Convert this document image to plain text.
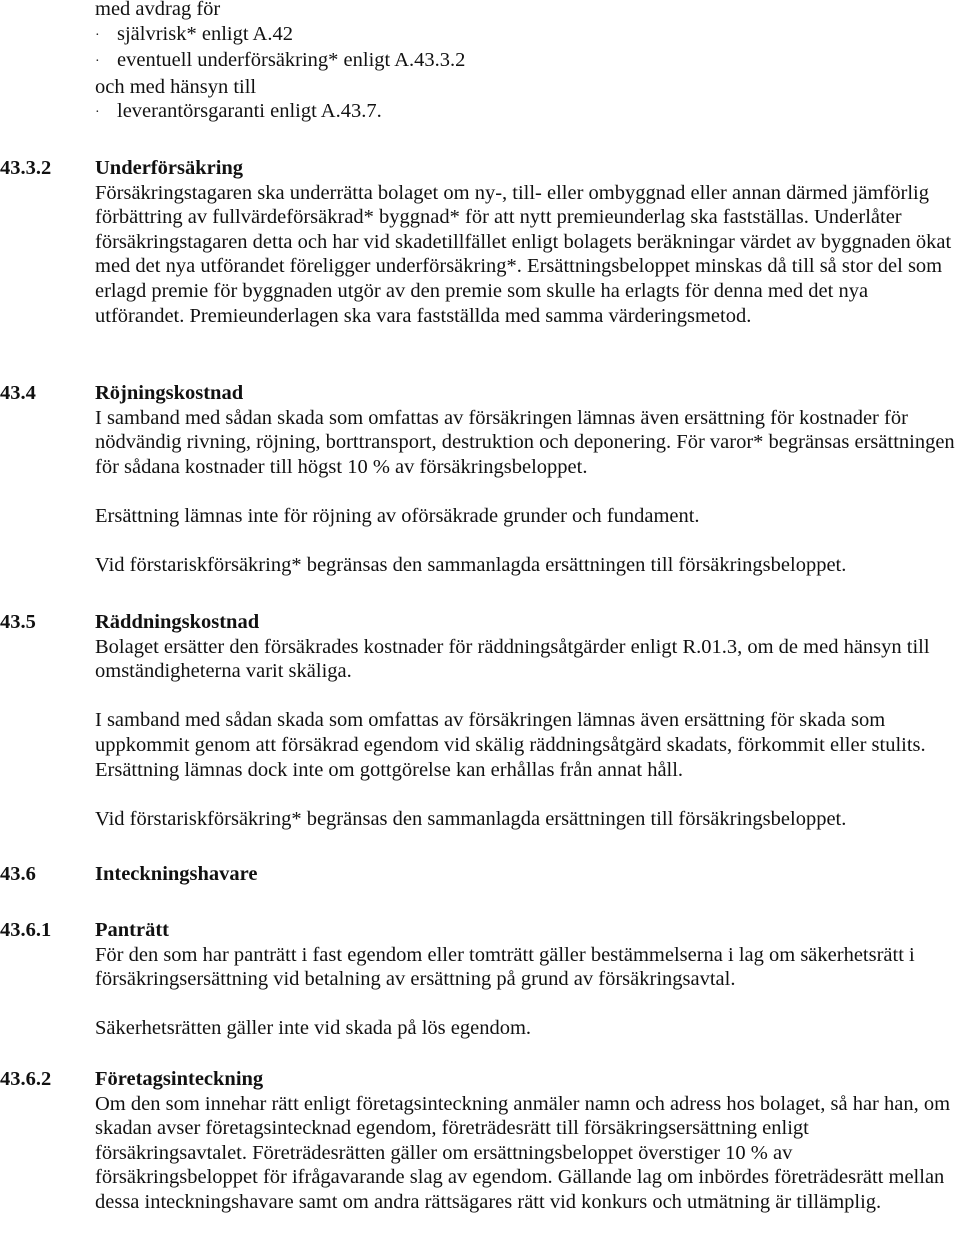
med avdrag för
· självrisk* enligt A.42
· eventuell underförsäkring* enligt A.43.3.2
och med hänsyn till
· leverantörsgaranti enligt A.43.7.
43.3.2	Underförsäkring

Försäkringstagaren ska underrätta bolaget om ny-, till- eller ombyggnad eller annan därmed jämförlig förbättring av fullvärdeförsäkrad* byggnad* för att nytt premieunderlag ska fastställas. Underlåter försäkringstagaren detta och har vid skadetillfället enligt bolagets beräkningar värdet av byggnaden ökat med det nya utförandet föreligger underförsäkring*. Ersättningsbeloppet minskas då till så stor del som erlagd premie för byggnaden utgör av den premie som skulle ha erlagts för denna med det nya utförandet. Premieunderlagen ska vara fastställda med samma värderingsmetod.

43.4	Röjningskostnad

I samband med sådan skada som omfattas av försäkringen lämnas även ersättning för kostnader för nödvändig rivning, röjning, borttransport, destruktion och deponering. För varor* begränsas ersättningen för sådana kostnader till högst 10 % av försäkringsbeloppet.

Ersättning lämnas inte för röjning av oförsäkrade grunder och fundament.

Vid förstariskförsäkring* begränsas den sammanlagda ersättningen till försäkringsbeloppet.

43.5	Räddningskostnad

Bolaget ersätter den försäkrades kostnader för räddningsåtgärder enligt R.01.3, om de med hänsyn till omständigheterna varit skäliga.

I samband med sådan skada som omfattas av försäkringen lämnas även ersättning för skada som uppkommit genom att försäkrad egendom vid skälig räddningsåtgärd skadats, förkommit eller stulits. Ersättning lämnas dock inte om gottgörelse kan erhållas från annat håll.

Vid förstariskförsäkring* begränsas den sammanlagda ersättningen till försäkringsbeloppet.

43.6	Inteckningshavare
43.6.1	Panträtt

För den som har panträtt i fast egendom eller tomträtt gäller bestämmelserna i lag om säkerhetsrätt i försäkringsersättning vid betalning av ersättning på grund av försäkringsavtal.

Säkerhetsrätten gäller inte vid skada på lös egendom.

43.6.2	Företagsinteckning

Om den som innehar rätt enligt företagsinteckning anmäler namn och adress hos bolaget, så har han, om skadan avser företagsintecknad egendom, företrädesrätt till försäkringsersättning enligt försäkringsavtalet. Företrädesrätten gäller om ersättningsbeloppet överstiger 10 % av försäkringsbeloppet för ifrågavarande slag av egendom. Gällande lag om inbördes företrädesrätt mellan dessa inteckningshavare samt om andra rättsägares rätt vid konkurs och utmätning är tillämplig.
